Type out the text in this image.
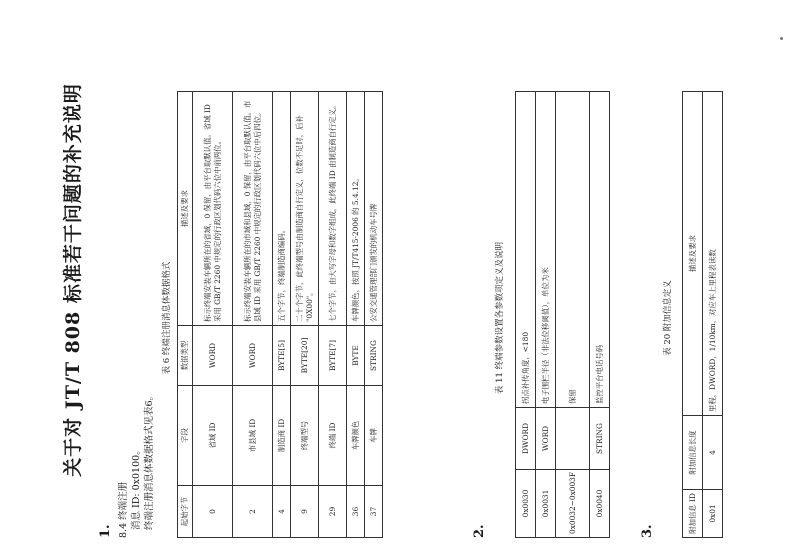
关于对 JT/T 808 标准若干问题的补充说明
1. 8.4 终端注册 消息 ID: 0x0100。 终端注册消息体数据格式见表6。
表 6 终端注册消息体数据格式
起始字节	字段	数据类型	描述及要求
0	省域 ID	WORD	标示终端安装车辆所在的省域，0 保留，由平台取默认值。省域 ID 采用 GB/T 2260 中规定的行政区划代码六位中前两位。
2	市县域 ID	WORD	标示终端安装车辆所在的市域和县域，0 保留，由平台取默认值。市县域 ID 采用 GB/T 2260 中规定的行政区划代码六位中后四位。
4	制造商 ID	BYTE[5]	五个字节，终端制造商编码。
9	终端型号	BYTE[20]	二十个字节，此终端型号由制造商自行定义，位数不足时，后补 "0X00"。
29	终端 ID	BYTE[7]	七个字节，由大写字母和数字组成，此终端 ID 由制造商自行定义。
36	车牌颜色	BYTE	车牌颜色，按照 JT/T415-2006 的 5.4.12。
37	车牌	STRING	公安交通管理部门颁发的机动车号牌
2.
表 11 终端参数设置各参数项定义及说明
0x0030	DWORD	拐点补传角度，<180
0x0031	WORD	电子围栏半径（非法位移阈值），单位为米
0x0032~0x003F		保留
0x0040	STRING	监控平台电话号码
3.
表 20 附加信息定义
附加信息 ID	附加信息长度	描述及要求
0x01	4	里程，DWORD，1/10km，对应车上里程表读数
